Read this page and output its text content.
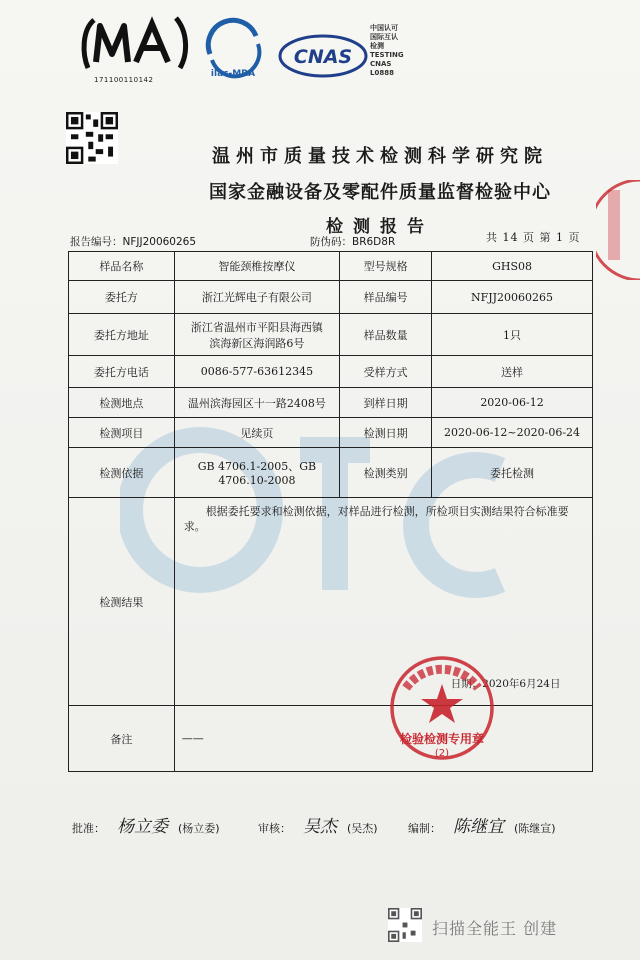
171100110142
ilac-MRA
CNAS
中国认可
国际互认
检测
TESTING
CNAS L0888
温州市质量技术检测科学研究院
国家金融设备及零配件质量监督检验中心
检测报告
报告编号：NFJJ20060265	防伪码：BR6D8R	共 14 页 第 1 页
样品名称	智能颈椎按摩仪	型号规格	GHS08
委托方	浙江光辉电子有限公司	样品编号	NFJJ20060265
委托方地址	浙江省温州市平阳县海西镇
滨海新区海润路6号	样品数量	1只
委托方电话	0086-577-63612345	受样方式	送样
检测地点	温州滨海园区十一路2408号	到样日期	2020-06-12
检测项目	见续页	检测日期	2020-06-12~2020-06-24
检测依据	GB 4706.1-2005、GB
4706.10-2008	检测类别	委托检测
检测结果	根据委托要求和检测依据，对样品进行检测，所检项目实测结果符合标准要求。
日期：2020年6月24日		

备注	——			检验检测专用章
(2)
批准： 杨立委 (杨立委)	审核： 吴杰 (吴杰)	编制： 陈继宜 (陈继宣)
扫描全能王 创建
